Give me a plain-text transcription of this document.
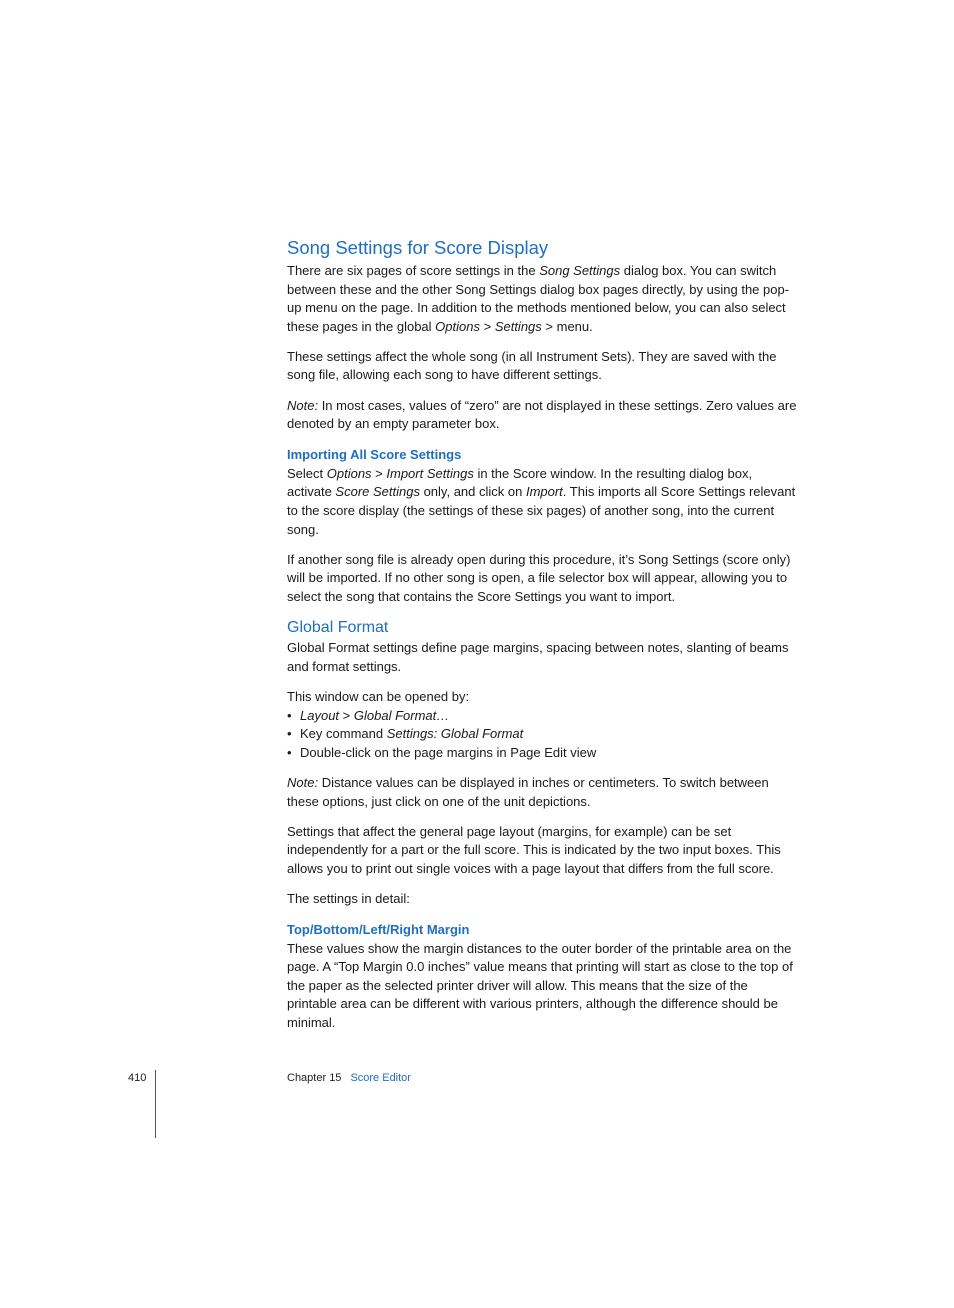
Song Settings for Score Display

There are six pages of score settings in the Song Settings dialog box. You can switch between these and the other Song Settings dialog box pages directly, by using the pop-up menu on the page. In addition to the methods mentioned below, you can also select these pages in the global Options > Settings > menu.

These settings affect the whole song (in all Instrument Sets). They are saved with the song file, allowing each song to have different settings.

Note: In most cases, values of “zero” are not displayed in these settings. Zero values are denoted by an empty parameter box.

Importing All Score Settings

Select Options > Import Settings in the Score window. In the resulting dialog box, activate Score Settings only, and click on Import. This imports all Score Settings relevant to the score display (the settings of these six pages) of another song, into the current song.

If another song file is already open during this procedure, it’s Song Settings (score only) will be imported. If no other song is open, a file selector box will appear, allowing you to select the song that contains the Score Settings you want to import.

Global Format

Global Format settings define page margins, spacing between notes, slanting of beams and format settings.

This window can be opened by:

• Layout > Global Format…
• Key command Settings: Global Format
• Double-click on the page margins in Page Edit view

Note: Distance values can be displayed in inches or centimeters. To switch between these options, just click on one of the unit depictions.

Settings that affect the general page layout (margins, for example) can be set independently for a part or the full score. This is indicated by the two input boxes. This allows you to print out single voices with a page layout that differs from the full score.

The settings in detail:

Top/Bottom/Left/Right Margin

These values show the margin distances to the outer border of the printable area on the page. A “Top Margin 0.0 inches” value means that printing will start as close to the top of the paper as the selected printer driver will allow. This means that the size of the printable area can be different with various printers, although the difference should be minimal.

410	Chapter 15 Score Editor
